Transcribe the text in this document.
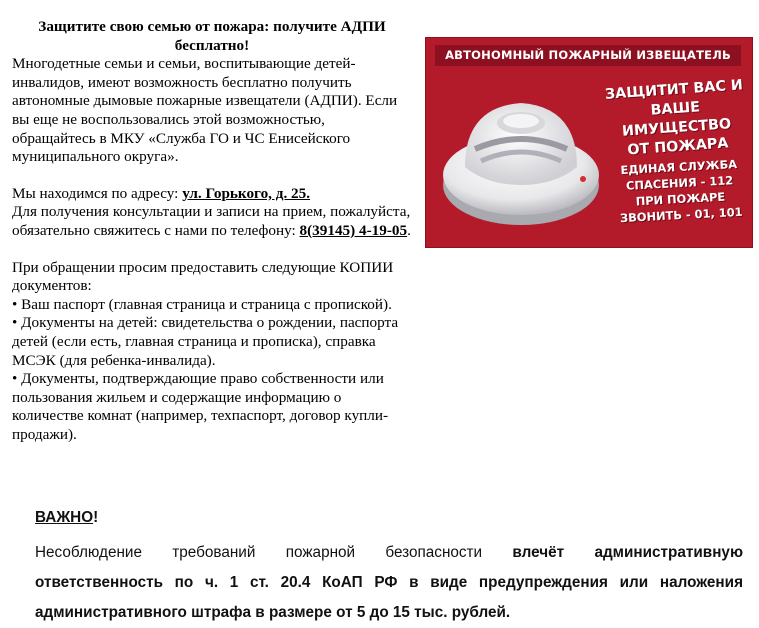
Защитите свою семью от пожара: получите АДПИ бесплатно!

Многодетные семьи и семьи, воспитывающие детей-инвалидов, имеют возможность бесплатно получить автономные дымовые пожарные извещатели (АДПИ). Если вы еще не воспользовались этой возможностью, обращайтесь в МКУ «Служба ГО и ЧС Енисейского муниципального округа».

Мы находимся по адресу: ул. Горького, д. 25.

Для получения консультации и записи на прием, пожалуйста, обязательно свяжитесь с нами по телефону: 8(39145) 4-19-05.

При обращении просим предоставить следующие КОПИИ документов:

• Ваш паспорт (главная страница и страница с пропиской).

• Документы на детей: свидетельства о рождении, паспорта детей (если есть, главная страница и прописка), справка МСЭК (для ребенка-инвалида).

• Документы, подтверждающие право собственности или пользования жильем и содержащие информацию о количестве комнат (например, техпаспорт, договор купли-продажи).

АВТОНОМНЫЙ ПОЖАРНЫЙ ИЗВЕЩАТЕЛЬ
ЗАЩИТИТ ВАС И
ВАШЕ ИМУЩЕСТВО
ОТ ПОЖАРА
ЕДИНАЯ СЛУЖБА
СПАСЕНИЯ - 112
ПРИ ПОЖАРЕ
ЗВОНИТЬ - 01, 101

ВАЖНО!

Несоблюдение требований пожарной безопасности влечёт административную ответственность по ч. 1 ст. 20.4 КоАП РФ в виде предупреждения или наложения административного штрафа в размере от 5 до 15 тыс. рублей.
